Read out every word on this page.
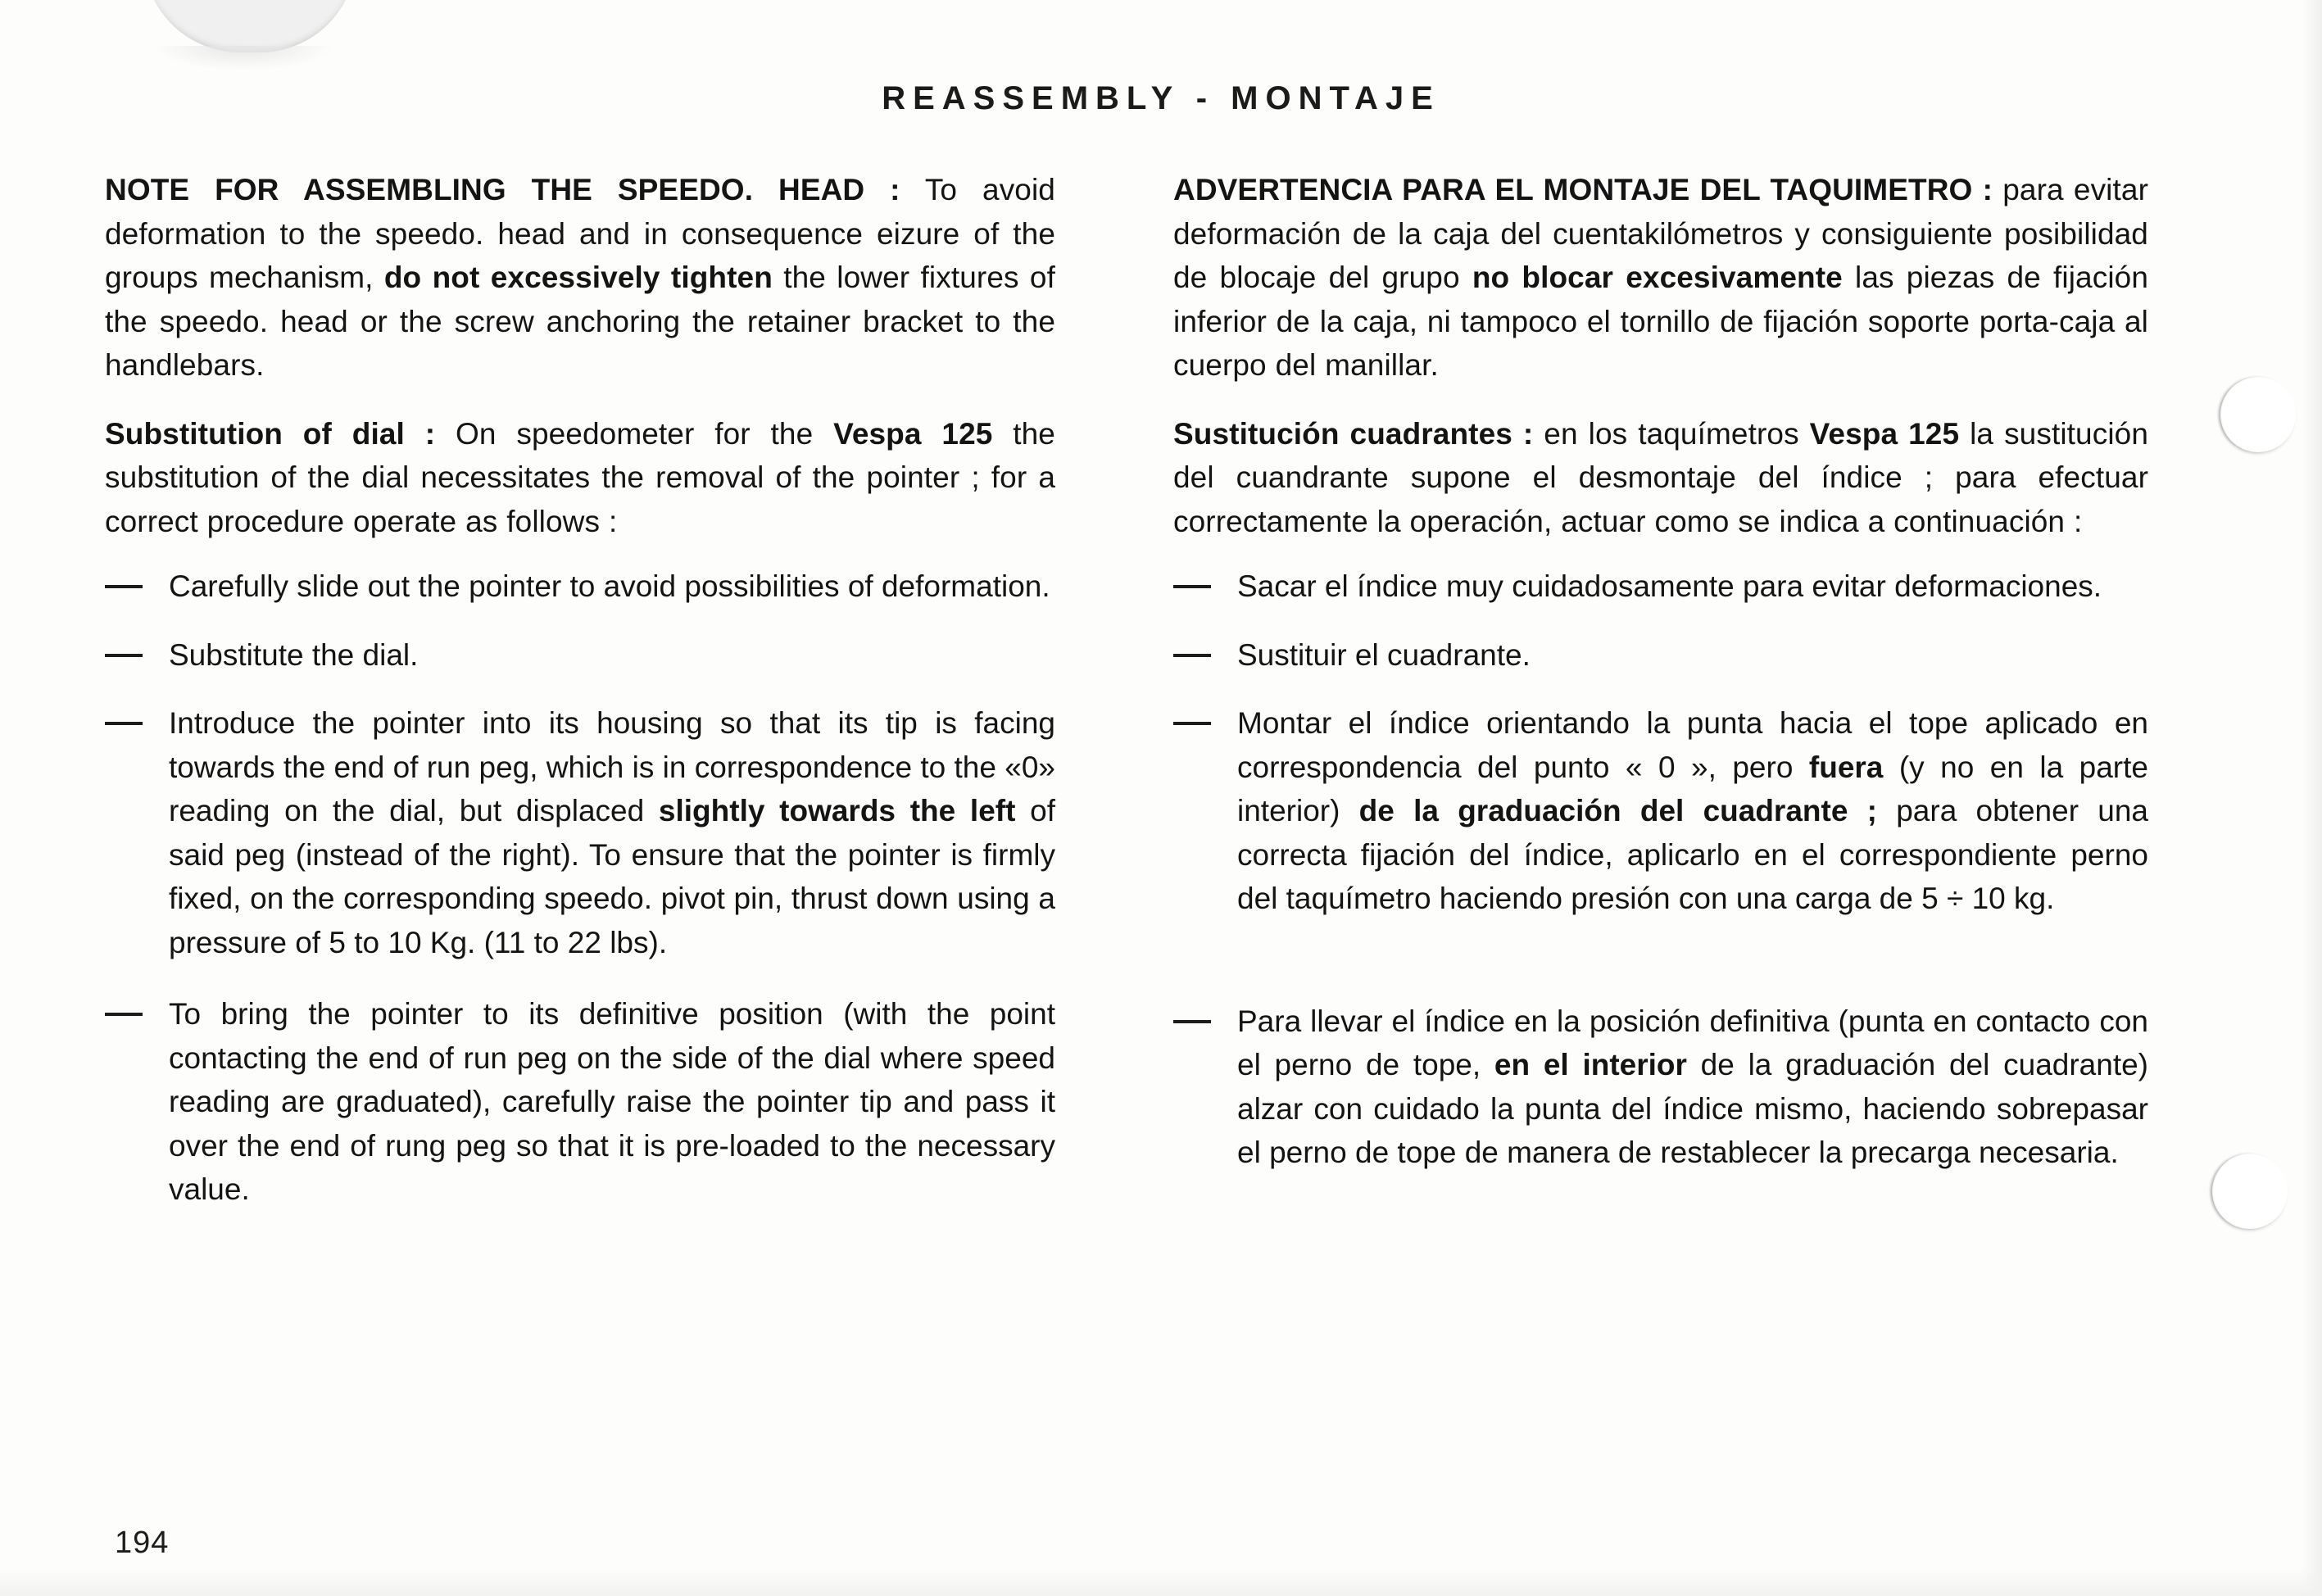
REASSEMBLY - MONTAJE

NOTE FOR ASSEMBLING THE SPEEDO. HEAD : To avoid deformation to the speedo. head and in consequence eizure of the groups mechanism, do not excessively tighten the lower fixtures of the speedo. head or the screw anchoring the retainer bracket to the handlebars.

Substitution of dial : On speedometer for the Vespa 125 the substitution of the dial necessitates the removal of the pointer ; for a correct procedure operate as follows :

Carefully slide out the pointer to avoid possibilities of deformation.
Substitute the dial.
Introduce the pointer into its housing so that its tip is facing towards the end of run peg, which is in correspondence to the «0» reading on the dial, but displaced slightly towards the left of said peg (instead of the right). To ensure that the pointer is firmly fixed, on the corresponding speedo. pivot pin, thrust down using a pressure of 5 to 10 Kg. (11 to 22 lbs).
To bring the pointer to its definitive position (with the point contacting the end of run peg on the side of the dial where speed reading are graduated), carefully raise the pointer tip and pass it over the end of rung peg so that it is pre-loaded to the necessary value.

ADVERTENCIA PARA EL MONTAJE DEL TAQUIMETRO : para evitar deformación de la caja del cuentakilómetros y consiguiente posibilidad de blocaje del grupo no blocar excesivamente las piezas de fijación inferior de la caja, ni tampoco el tornillo de fijación soporte porta-caja al cuerpo del manillar.

Sustitución cuadrantes : en los taquímetros Vespa 125 la sustitución del cuandrante supone el desmontaje del índice ; para efectuar correctamente la operación, actuar como se indica a continuación :

Sacar el índice muy cuidadosamente para evitar deformaciones.
Sustituir el cuadrante.
Montar el índice orientando la punta hacia el tope aplicado en correspondencia del punto « 0 », pero fuera (y no en la parte interior) de la graduación del cuadrante ; para obtener una correcta fijación del índice, aplicarlo en el correspondiente perno del taquímetro haciendo presión con una carga de 5 ÷ 10 kg.
Para llevar el índice en la posición definitiva (punta en contacto con el perno de tope, en el interior de la graduación del cuadrante) alzar con cuidado la punta del índice mismo, haciendo sobrepasar el perno de tope de manera de restablecer la precarga necesaria.
194
